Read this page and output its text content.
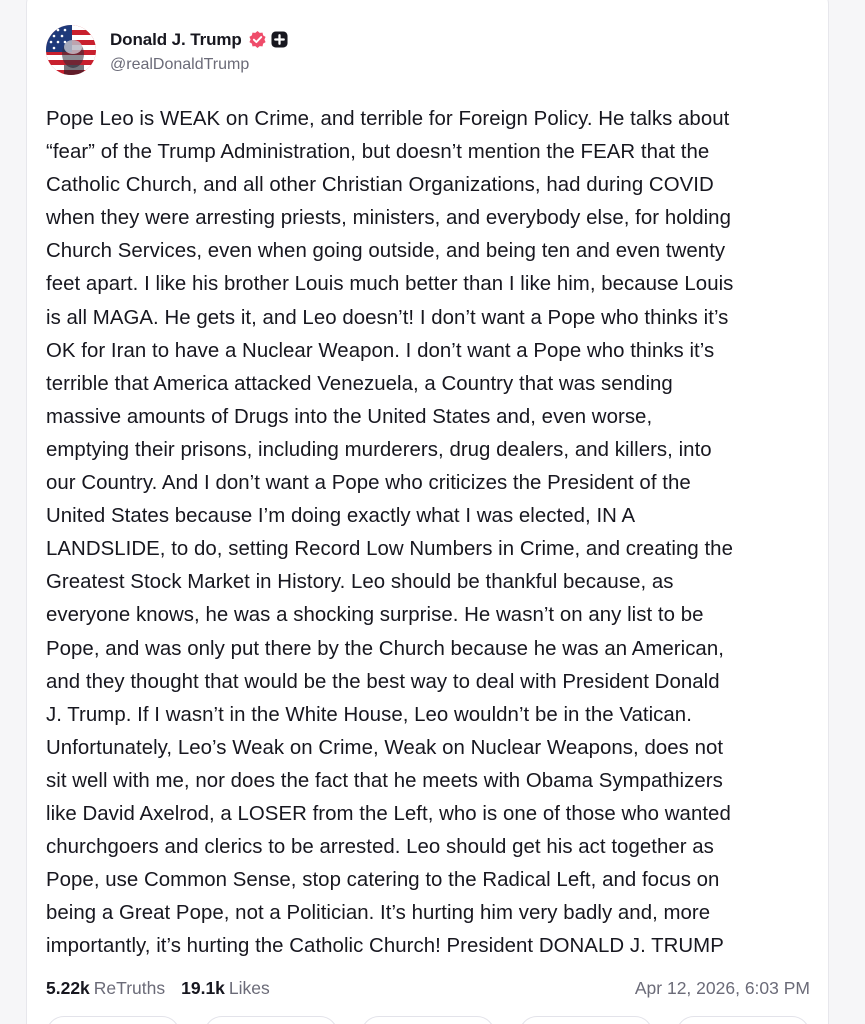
Donald J. Trump
@realDonaldTrump
Pope Leo is WEAK on Crime, and terrible for Foreign Policy. He talks about
“fear” of the Trump Administration, but doesn’t mention the FEAR that the
Catholic Church, and all other Christian Organizations, had during COVID
when they were arresting priests, ministers, and everybody else, for holding
Church Services, even when going outside, and being ten and even twenty
feet apart. I like his brother Louis much better than I like him, because Louis
is all MAGA. He gets it, and Leo doesn’t! I don’t want a Pope who thinks it’s
OK for Iran to have a Nuclear Weapon. I don’t want a Pope who thinks it’s
terrible that America attacked Venezuela, a Country that was sending
massive amounts of Drugs into the United States and, even worse,
emptying their prisons, including murderers, drug dealers, and killers, into
our Country. And I don’t want a Pope who criticizes the President of the
United States because I’m doing exactly what I was elected, IN A
LANDSLIDE, to do, setting Record Low Numbers in Crime, and creating the
Greatest Stock Market in History. Leo should be thankful because, as
everyone knows, he was a shocking surprise. He wasn’t on any list to be
Pope, and was only put there by the Church because he was an American,
and they thought that would be the best way to deal with President Donald
J. Trump. If I wasn’t in the White House, Leo wouldn’t be in the Vatican.
Unfortunately, Leo’s Weak on Crime, Weak on Nuclear Weapons, does not
sit well with me, nor does the fact that he meets with Obama Sympathizers
like David Axelrod, a LOSER from the Left, who is one of those who wanted
churchgoers and clerics to be arrested. Leo should get his act together as
Pope, use Common Sense, stop catering to the Radical Left, and focus on
being a Great Pope, not a Politician. It’s hurting him very badly and, more
importantly, it’s hurting the Catholic Church! President DONALD J. TRUMP
5.22k ReTruths 19.1k Likes	Apr 12, 2026, 6:03 PM
